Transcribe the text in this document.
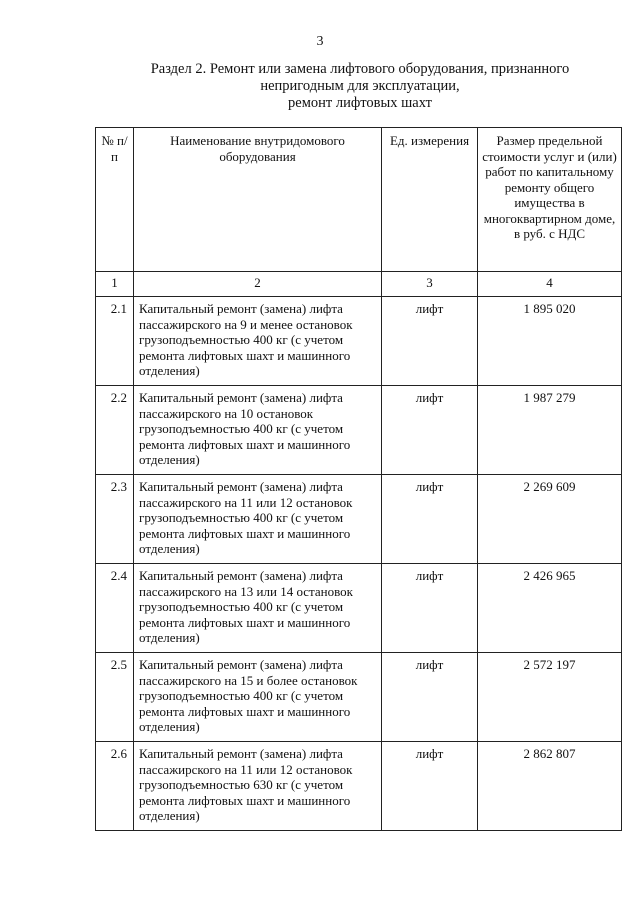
3
Раздел 2. Ремонт или замена лифтового оборудования, признанного
непригодным для эксплуатации,
ремонт лифтовых шахт
№ п/п	Наименование внутридомового оборудования	Ед. измерения	Размер предельной стоимости услуг и (или) работ по капитальному ремонту общего имущества в многоквартирном доме, в руб. с НДС
1	2	3	4
2.1	Капитальный ремонт (замена) лифта пассажирского на 9 и менее остановок грузоподъемностью 400 кг (с учетом ремонта лифтовых шахт и машинного отделения)	лифт	1 895 020
2.2	Капитальный ремонт (замена) лифта пассажирского на 10 остановок грузоподъемностью 400 кг (с учетом ремонта лифтовых шахт и машинного отделения)	лифт	1 987 279
2.3	Капитальный ремонт (замена) лифта пассажирского на 11 или 12 остановок грузоподъемностью 400 кг (с учетом ремонта лифтовых шахт и машинного отделения)	лифт	2 269 609
2.4	Капитальный ремонт (замена) лифта пассажирского на 13 или 14 остановок грузоподъемностью 400 кг (с учетом ремонта лифтовых шахт и машинного отделения)	лифт	2 426 965
2.5	Капитальный ремонт (замена) лифта пассажирского на 15 и более остановок грузоподъемностью 400 кг (с учетом ремонта лифтовых шахт и машинного отделения)	лифт	2 572 197
2.6	Капитальный ремонт (замена) лифта пассажирского на 11 или 12 остановок грузоподъемностью 630 кг (с учетом ремонта лифтовых шахт и машинного отделения)	лифт	2 862 807
